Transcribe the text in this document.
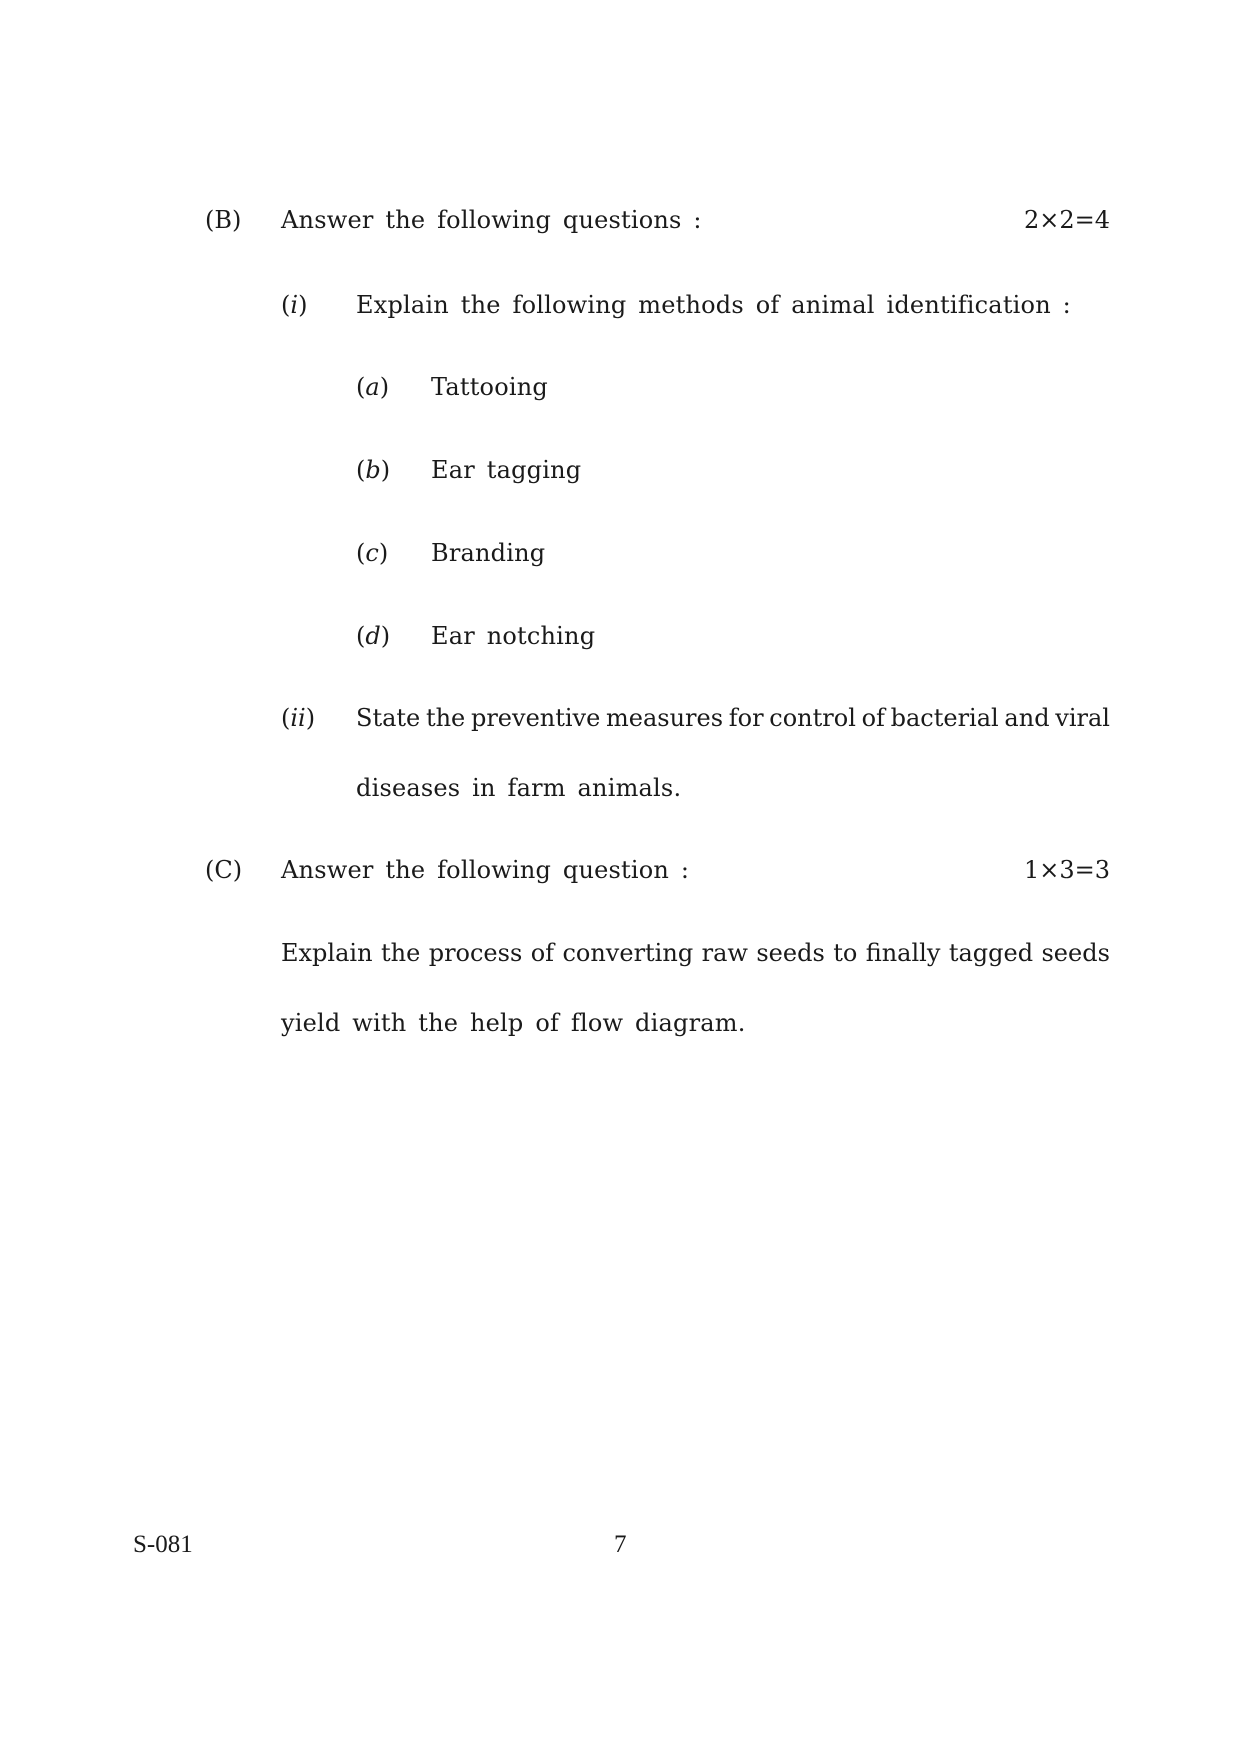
(B) Answer the following questions :	2×2=4
(i) Explain the following methods of animal identification :
(a) Tattooing
(b) Ear tagging
(c) Branding
(d) Ear notching
(ii) State the preventive measures for control of bacterial and viral
diseases in farm animals.
(C) Answer the following question :	1×3=3
Explain the process of converting raw seeds to finally tagged seeds
yield with the help of flow diagram.
S-081	7
